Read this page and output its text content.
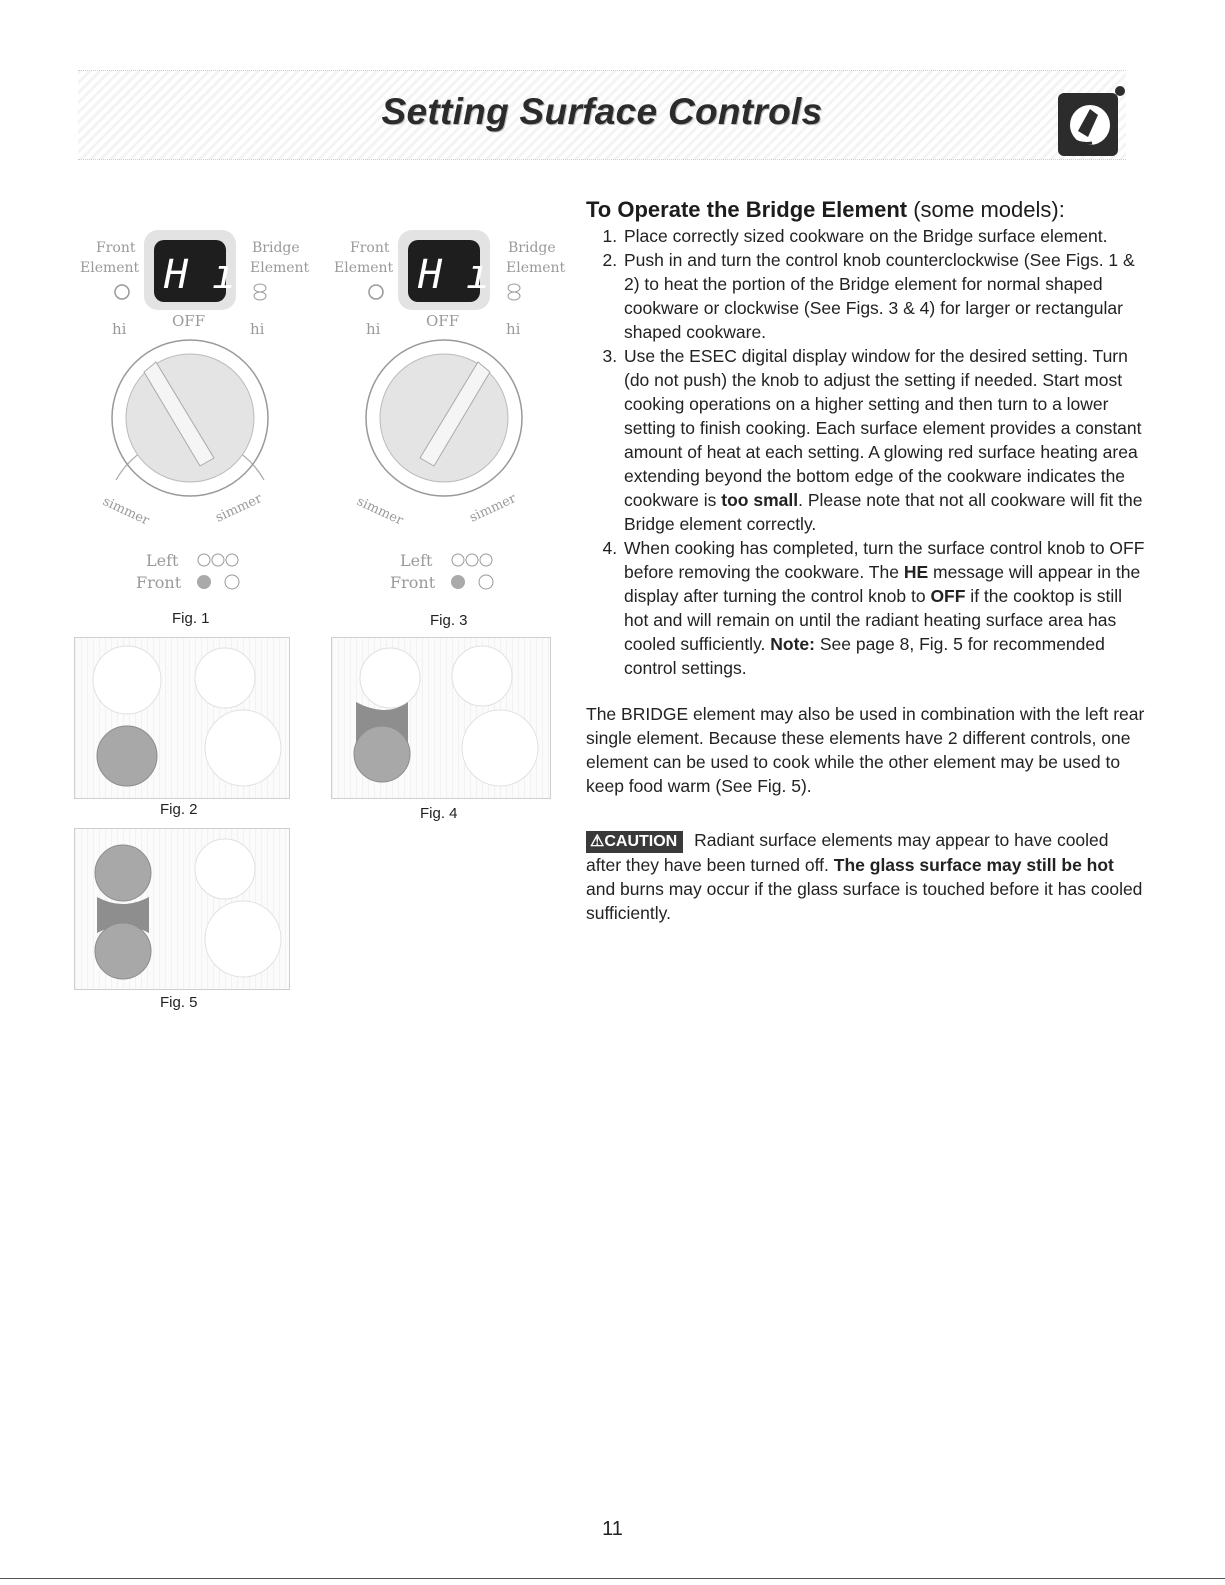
Setting Surface Controls
Front
Element
Bridge
Element
H ı
hi	OFF	hi
simmer	simmer
Left
Front
Fig. 1
Front
Element
Bridge
Element
H ı
hi	OFF	hi
simmer	simmer
Left
Front
Fig. 3
Fig. 2	Fig. 4
Fig. 5
To Operate the Bridge Element (some models):
1. Place correctly sized cookware on the Bridge surface element.
2. Push in and turn the control knob counterclockwise (See Figs. 1 & 2) to heat the portion of the Bridge element for normal shaped cookware or clockwise (See Figs. 3 & 4) for larger or rectangular shaped cookware.
3. Use the ESEC digital display window for the desired setting. Turn (do not push) the knob to adjust the setting if needed. Start most cooking operations on a higher setting and then turn to a lower setting to finish cooking. Each surface element provides a constant amount of heat at each setting. A glowing red surface heating area extending beyond the bottom edge of the cookware indicates the cookware is too small. Please note that not all cookware will fit the Bridge element correctly.
4. When cooking has completed, turn the surface control knob to OFF before removing the cookware. The HE message will appear in the display after turning the control knob to OFF if the cooktop is still hot and will remain on until the radiant heating surface area has cooled sufficiently. Note: See page 8, Fig. 5 for recommended control settings.

The BRIDGE element may also be used in combination with the left rear single element. Because these elements have 2 different controls, one element can be used to cook while the other element may be used to keep food warm (See Fig. 5).

⚠CAUTION Radiant surface elements may appear to have cooled after they have been turned off. The glass surface may still be hot and burns may occur if the glass surface is touched before it has cooled sufficiently.

11
